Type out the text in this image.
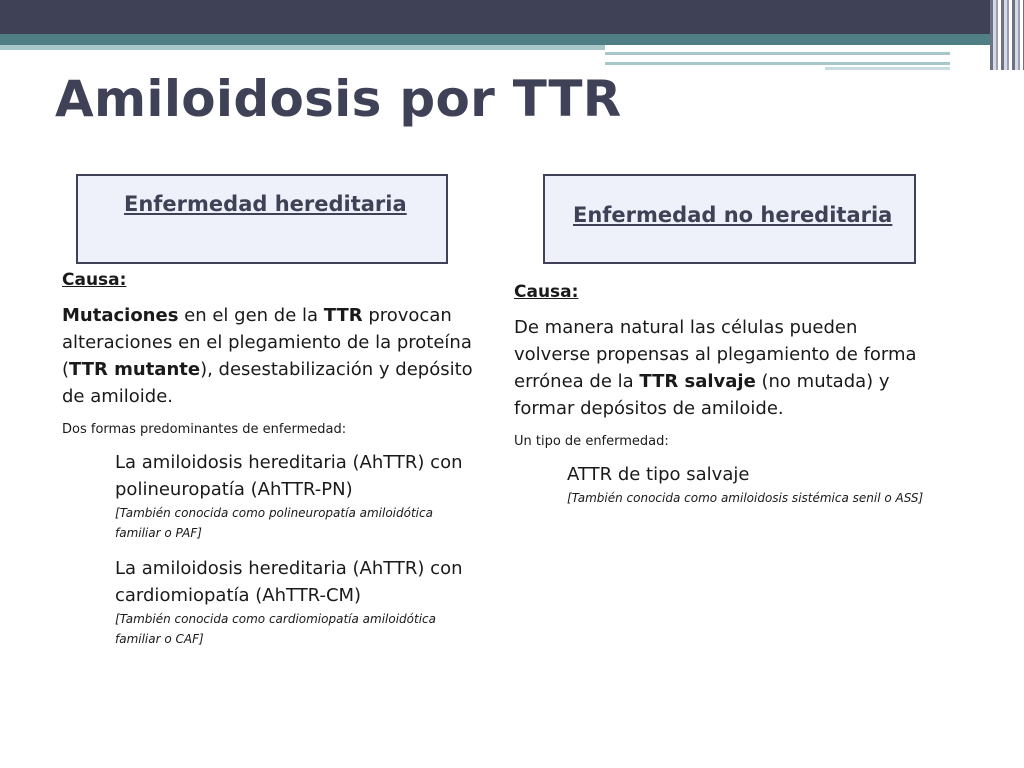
Amiloidosis por TTR
Enfermedad hereditaria	Enfermedad no hereditaria
Causa:
Mutaciones en el gen de la TTR provocan alteraciones en el plegamiento de la proteína (TTR mutante), desestabilización y depósito de amiloide.
Dos formas predominantes de enfermedad:
La amiloidosis hereditaria (AhTTR) con polineuropatía (AhTTR-PN)
[También conocida como polineuropatía amiloidótica familiar o PAF]
La amiloidosis hereditaria (AhTTR) con cardiomiopatía (AhTTR-CM)
[También conocida como cardiomiopatía amiloidótica familiar o CAF]
Causa:
De manera natural las células pueden volverse propensas al plegamiento de forma errónea de la TTR salvaje (no mutada) y formar depósitos de amiloide.
Un tipo de enfermedad:
ATTR de tipo salvaje
[También conocida como amiloidosis sistémica senil o ASS]
